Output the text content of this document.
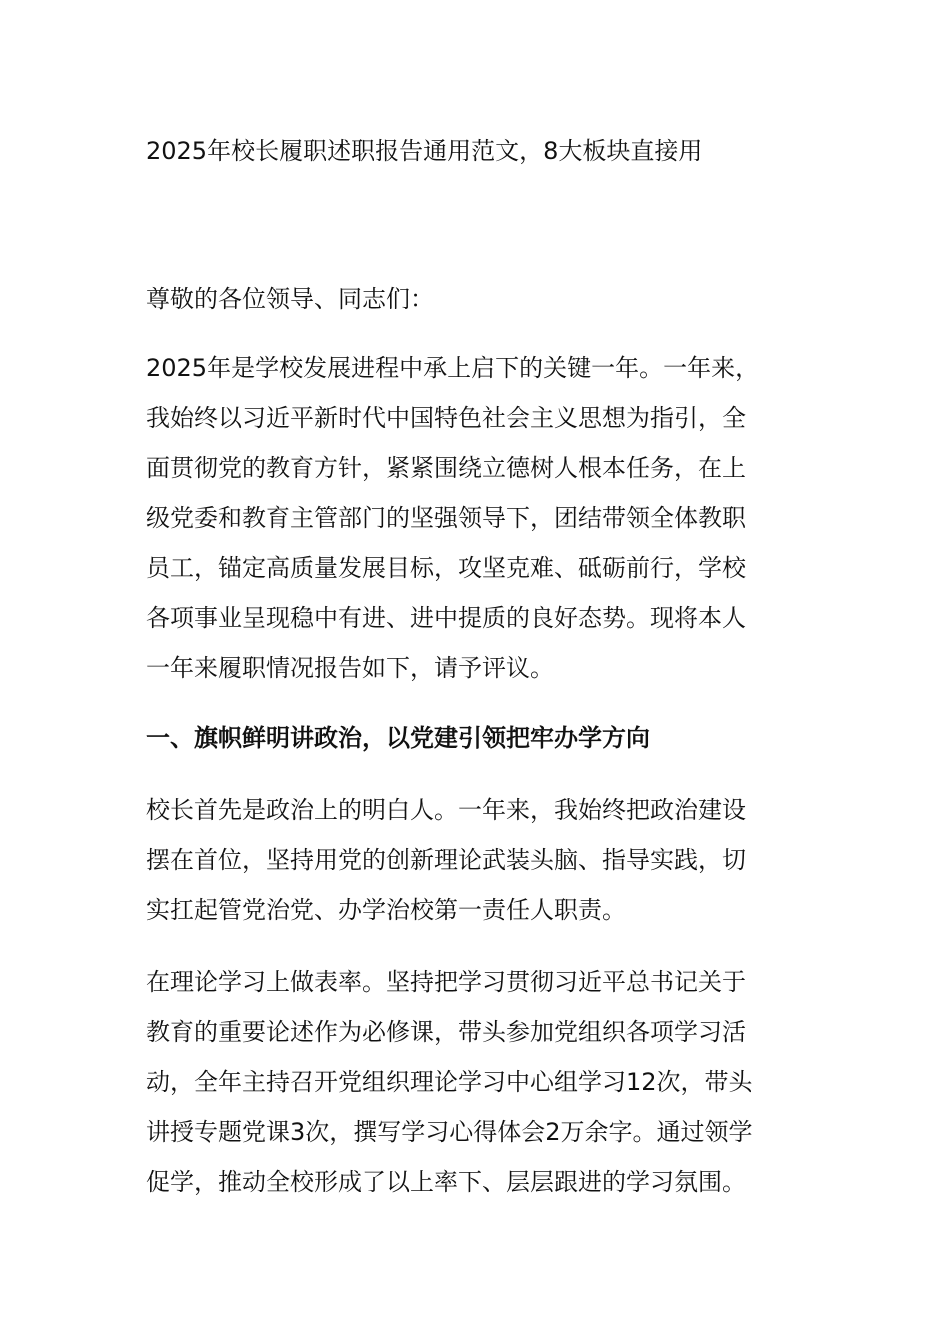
2025年校长履职述职报告通用范文，8大板块直接用
尊敬的各位领导、同志们：
2025年是学校发展进程中承上启下的关键一年。一年来，
我始终以习近平新时代中国特色社会主义思想为指引，全
面贯彻党的教育方针，紧紧围绕立德树人根本任务，在上
级党委和教育主管部门的坚强领导下，团结带领全体教职
员工，锚定高质量发展目标，攻坚克难、砥砺前行，学校
各项事业呈现稳中有进、进中提质的良好态势。现将本人
一年来履职情况报告如下，请予评议。
一、旗帜鲜明讲政治，以党建引领把牢办学方向
校长首先是政治上的明白人。一年来，我始终把政治建设
摆在首位，坚持用党的创新理论武装头脑、指导实践，切
实扛起管党治党、办学治校第一责任人职责。
在理论学习上做表率。坚持把学习贯彻习近平总书记关于
教育的重要论述作为必修课，带头参加党组织各项学习活
动，全年主持召开党组织理论学习中心组学习12次，带头
讲授专题党课3次，撰写学习心得体会2万余字。通过领学
促学，推动全校形成了以上率下、层层跟进的学习氛围。
